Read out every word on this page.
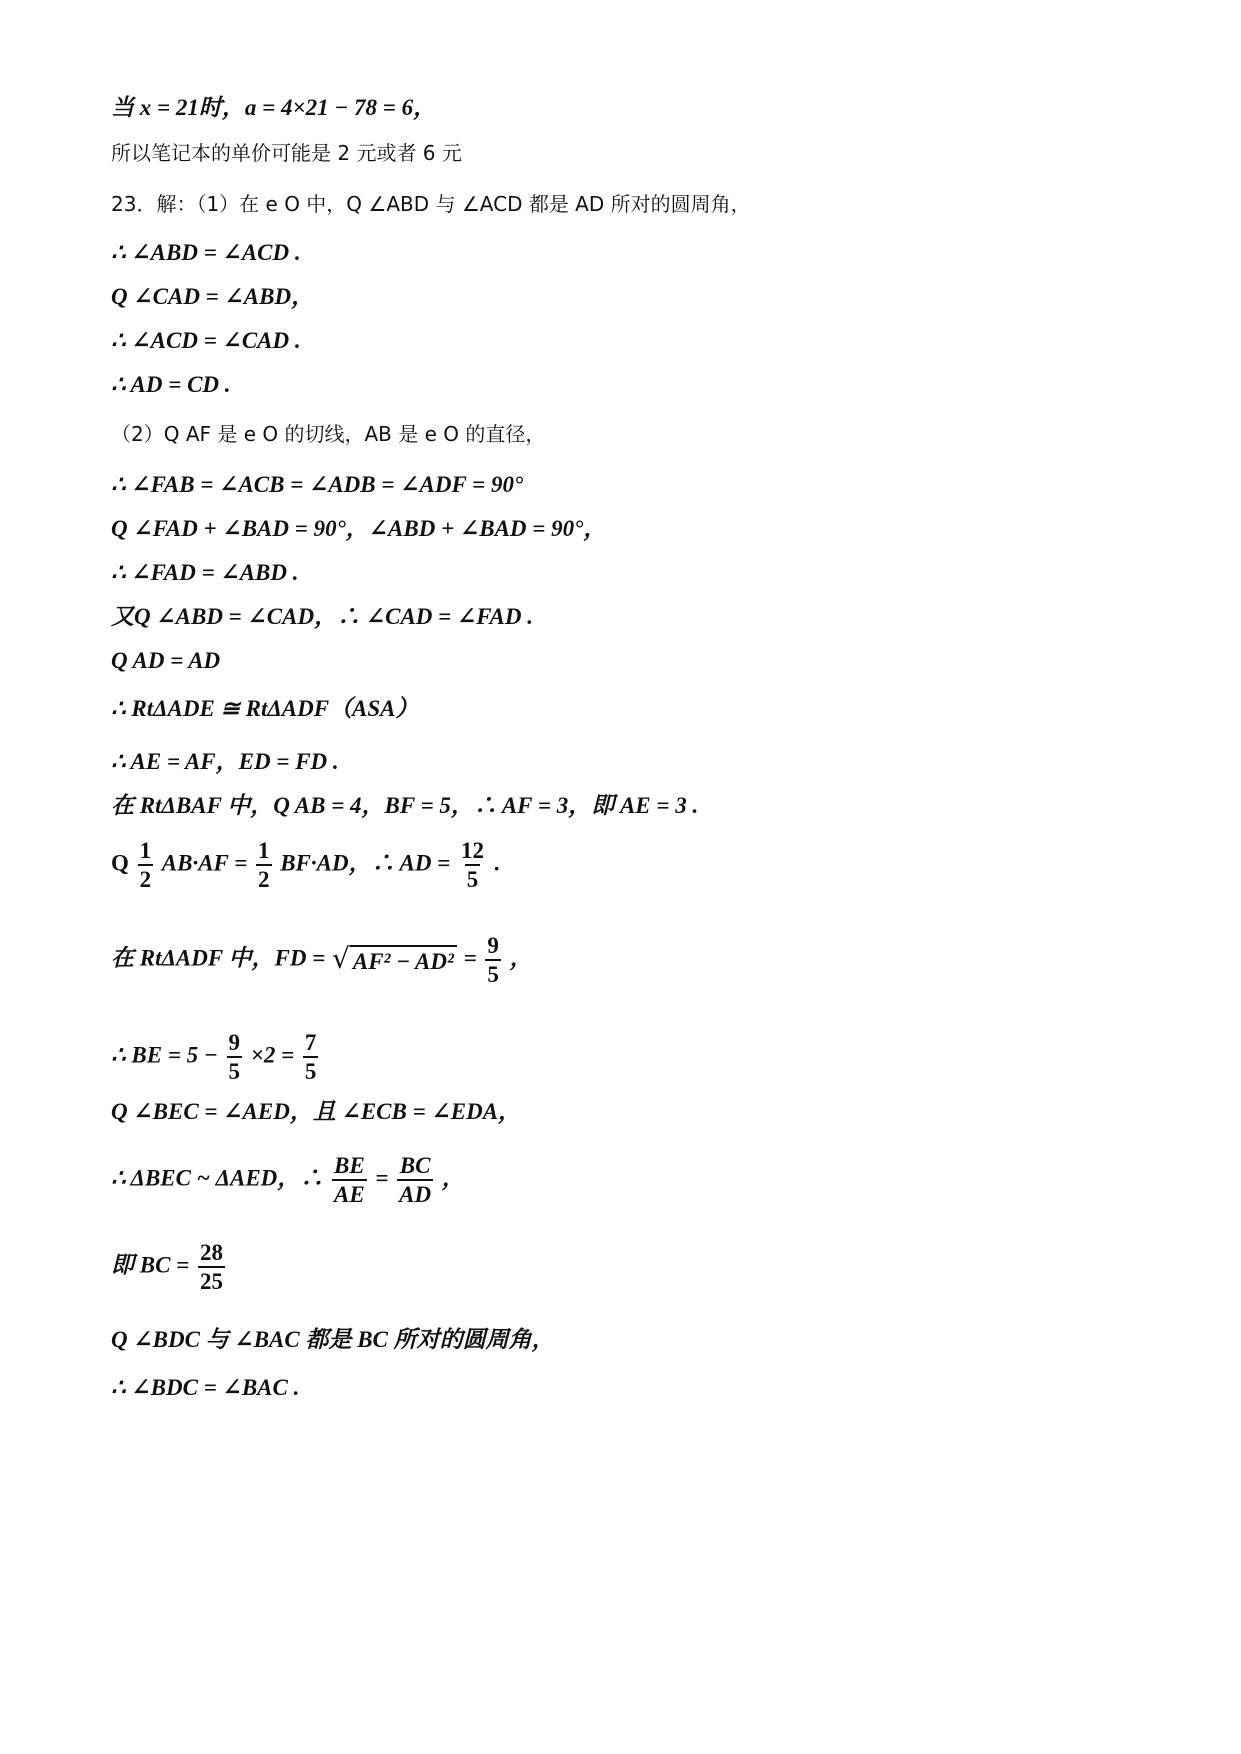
当 x = 21时，a = 4×21 − 78 = 6，
所以笔记本的单价可能是 2 元或者 6 元
23．解：（1）在 e O 中，Q ∠ABD 与 ∠ACD 都是 AD 所对的圆周角，
∴ ∠ABD = ∠ACD .
Q ∠CAD = ∠ABD，
∴ ∠ACD = ∠CAD .
∴ AD = CD .
（2）Q AF 是 e O 的切线，AB 是 e O 的直径，
∴ ∠FAB = ∠ACB = ∠ADB = ∠ADF = 90°
Q ∠FAD + ∠BAD = 90°，∠ABD + ∠BAD = 90°，
∴ ∠FAD = ∠ABD .
又Q ∠ABD = ∠CAD，∴ ∠CAD = ∠FAD .
Q AD = AD
∴ RtΔADE ≅ RtΔADF（ASA）
∴ AE = AF，ED = FD .
在 RtΔBAF 中，Q AB = 4，BF = 5，∴ AF = 3，即 AE = 3 .
Q $\frac{1}{2} AB\cdot AF = \frac{1}{2} BF\cdot AD$，∴ AD = $\frac{12}{5}$ .
在 RtΔADF 中，FD = √ $AF^2 - AD^2 = \frac{9}{5}$ ，
∴ BE = $5 - \frac{9}{5} \times 2 = \frac{7}{5}$
Q ∠BEC = ∠AED，且 ∠ECB = ∠EDA，
∴ ΔBEC ~ ΔAED，∴ $\frac{BE}{AE} = \frac{BC}{AD}$ ，
即 BC = $\frac{28}{25}$
Q ∠BDC 与 ∠BAC 都是 BC 所对的圆周角，
∴ ∠BDC = ∠BAC .
